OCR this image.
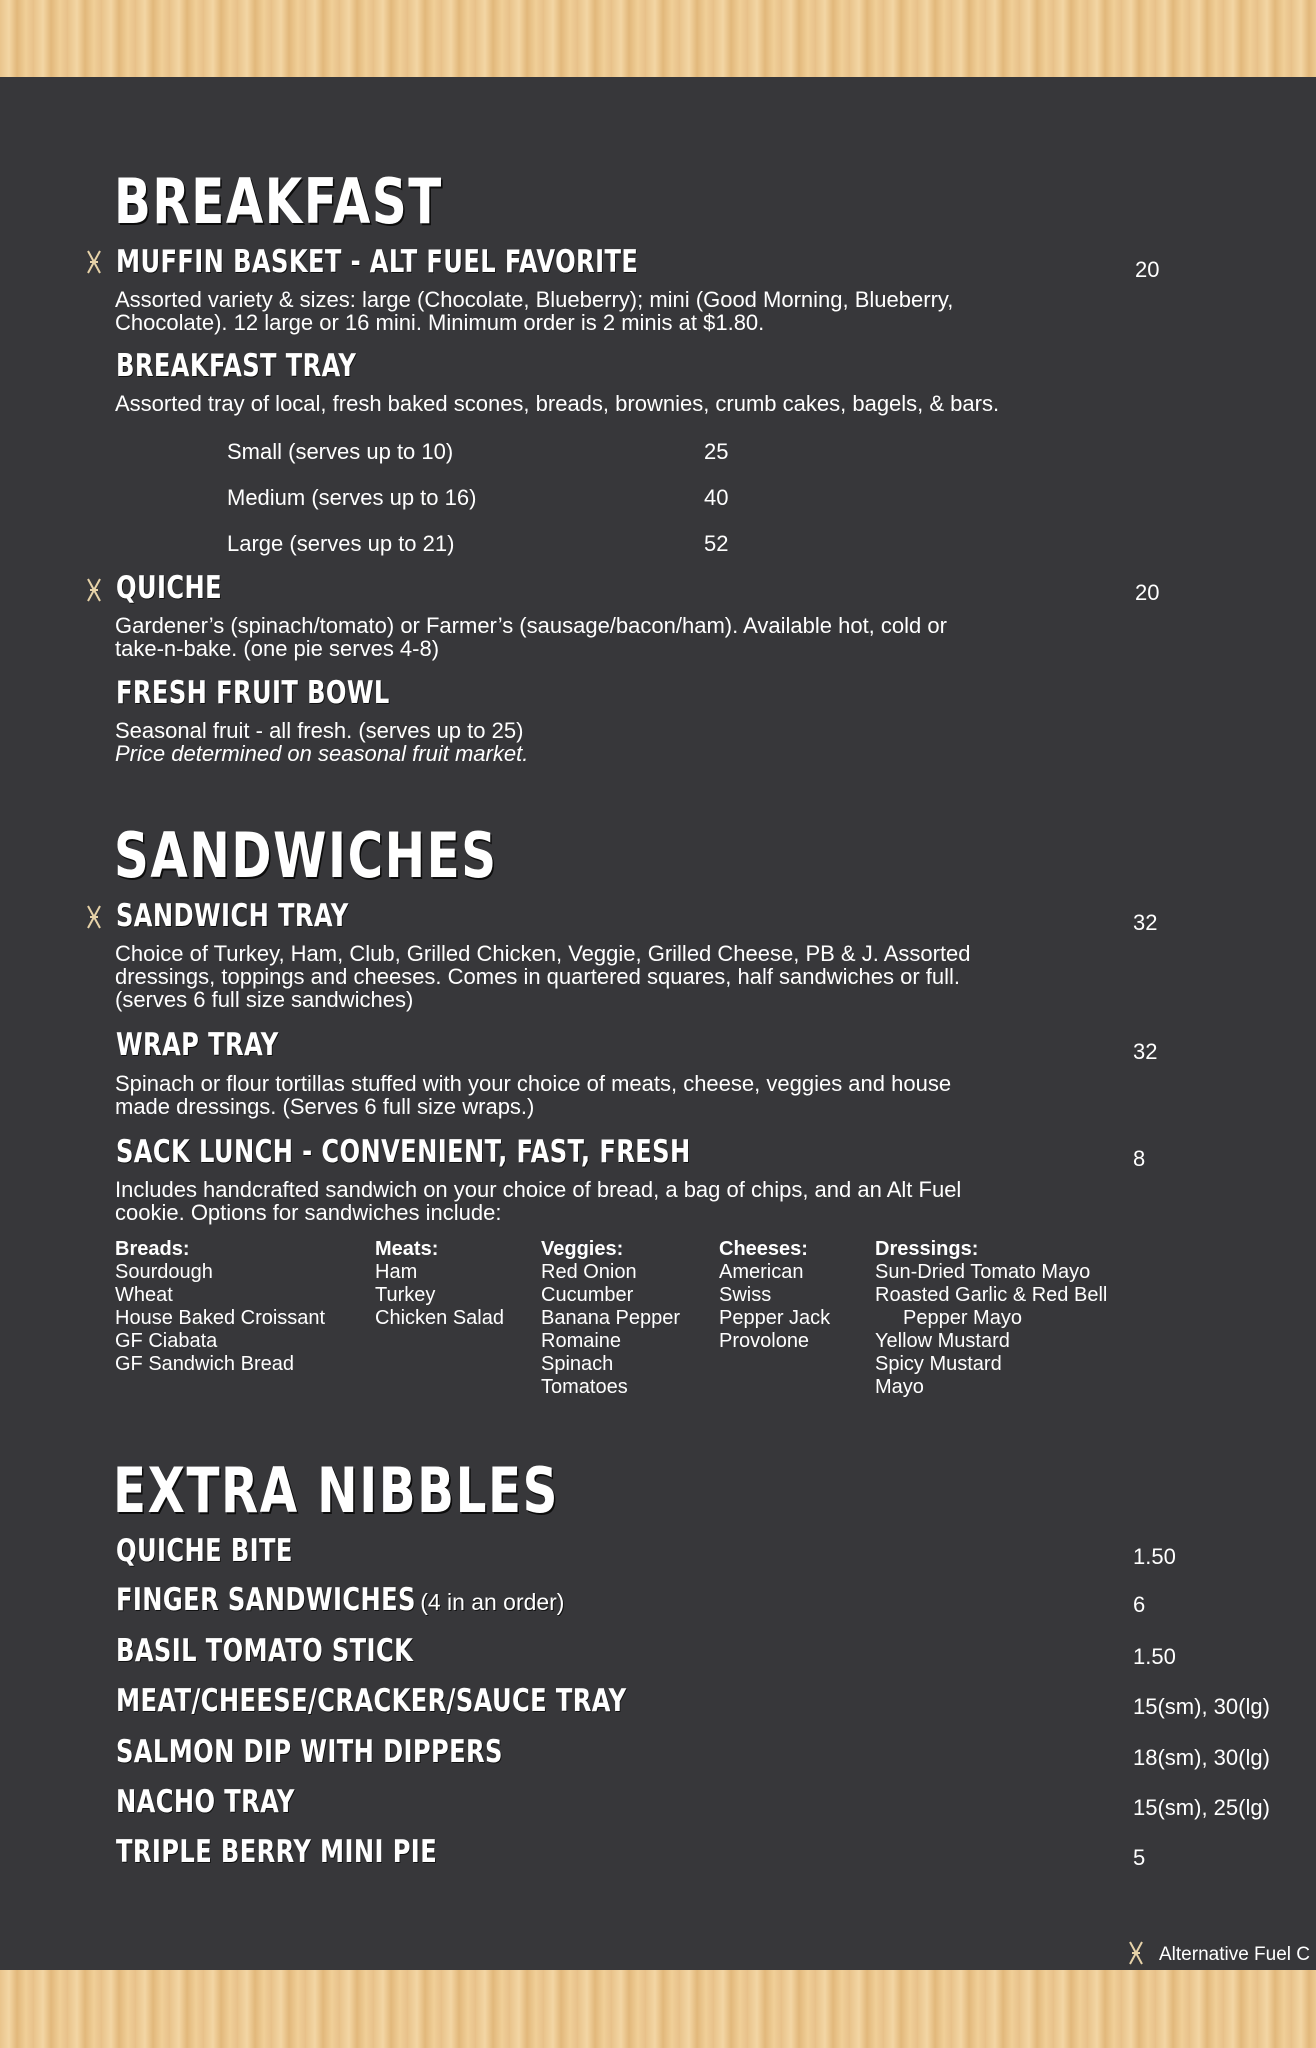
BREAKFAST
MUFFIN BASKET - ALT FUEL FAVORITE	20
Assorted variety & sizes: large (Chocolate, Blueberry); mini (Good Morning, Blueberry,
Chocolate). 12 large or 16 mini. Minimum order is 2 minis at $1.80.
BREAKFAST TRAY
Assorted tray of local, fresh baked scones, breads, brownies, crumb cakes, bagels, & bars.
Small (serves up to 10)	25
Medium (serves up to 16)	40
Large (serves up to 21)	52
QUICHE	20
Gardener’s (spinach/tomato) or Farmer’s (sausage/bacon/ham). Available hot, cold or
take-n-bake. (one pie serves 4-8)
FRESH FRUIT BOWL
Seasonal fruit - all fresh. (serves up to 25)
Price determined on seasonal fruit market.
SANDWICHES
SANDWICH TRAY	32
Choice of Turkey, Ham, Club, Grilled Chicken, Veggie, Grilled Cheese, PB & J. Assorted
dressings, toppings and cheeses. Comes in quartered squares, half sandwiches or full.
(serves 6 full size sandwiches)
WRAP TRAY	32
Spinach or flour tortillas stuffed with your choice of meats, cheese, veggies and house
made dressings. (Serves 6 full size wraps.)
SACK LUNCH - CONVENIENT, FAST, FRESH	8
Includes handcrafted sandwich on your choice of bread, a bag of chips, and an Alt Fuel
cookie. Options for sandwiches include:
Breads:
Sourdough
Wheat
House Baked Croissant
GF Ciabata
GF Sandwich Bread
Meats:
Ham
Turkey
Chicken Salad
Veggies:
Red Onion
Cucumber
Banana Pepper
Romaine
Spinach
Tomatoes
Cheeses:
American
Swiss
Pepper Jack
Provolone
Dressings:
Sun-Dried Tomato Mayo
Roasted Garlic & Red Bell
Pepper Mayo
Yellow Mustard
Spicy Mustard
Mayo
EXTRA NIBBLES
QUICHE BITE	1.50
FINGER SANDWICHES (4 in an order)	6
BASIL TOMATO STICK	1.50
MEAT/CHEESE/CRACKER/SAUCE TRAY	15(sm), 30(lg)
SALMON DIP WITH DIPPERS	18(sm), 30(lg)
NACHO TRAY	15(sm), 25(lg)
TRIPLE BERRY MINI PIE	5
Alternative Fuel C
